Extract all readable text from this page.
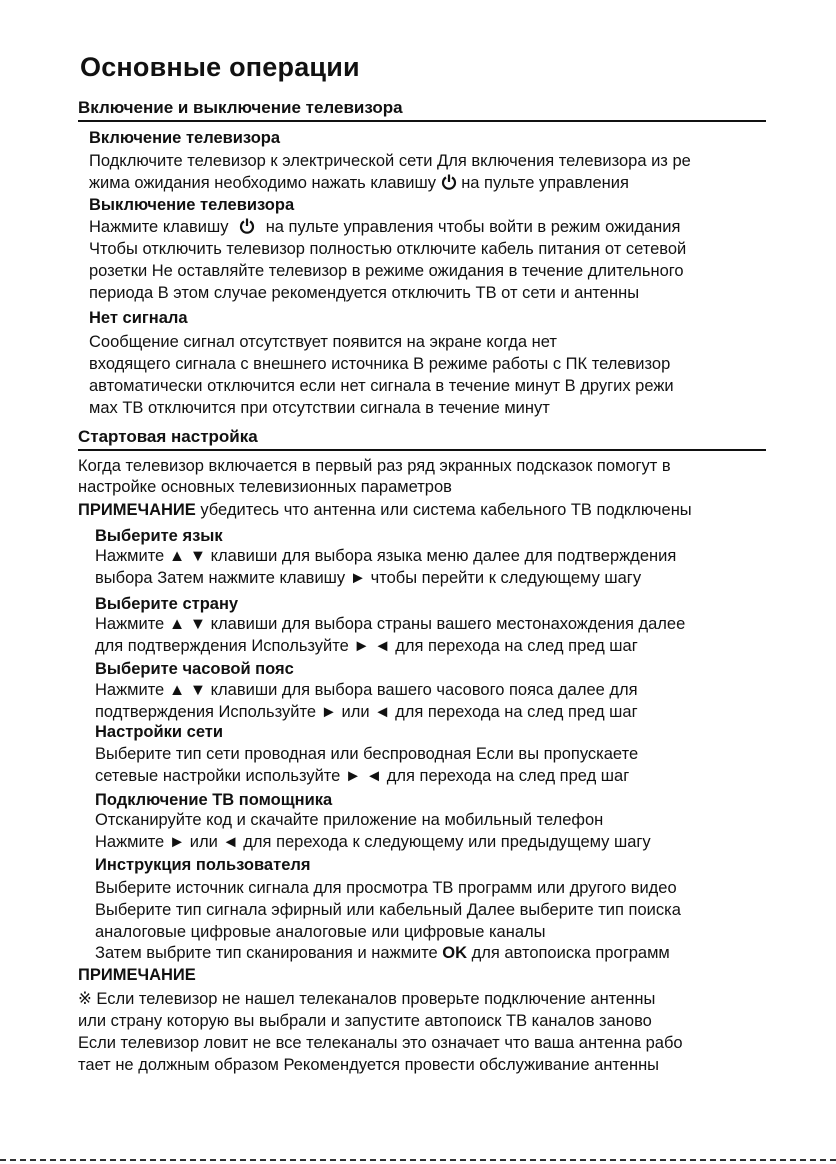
Основные операции
Включение и выключение телевизора
Включение телевизора
Подключите телевизор к электрической сети Для включения телевизора из ре
жима ожидания необходимо нажать клавишу  на пульте управления
Выключение телевизора
Нажмите клавишу  на пульте управления чтобы войти в режим ожидания
Чтобы отключить телевизор полностью отключите кабель питания от сетевой
розетки Не оставляйте телевизор в режиме ожидания в течение длительного
периода В этом случае рекомендуется отключить ТВ от сети и антенны
Нет сигнала
Сообщение сигнал отсутствует появится на экране когда нет
входящего сигнала с внешнего источника В режиме работы с ПК телевизор
автоматически отключится если нет сигнала в течение минут В других режи
мах ТВ отключится при отсутствии сигнала в течение минут
Стартовая настройка
Когда телевизор включается в первый раз ряд экранных подсказок помогут в
настройке основных телевизионных параметров
ПРИМЕЧАНИЕ убедитесь что антенна или система кабельного ТВ подключены
Выберите язык
Нажмите ▲ ▼ клавиши для выбора языка меню далее для подтверждения
выбора Затем нажмите клавишу ► чтобы перейти к следующему шагу
Выберите страну
Нажмите ▲ ▼ клавиши для выбора страны вашего местонахождения далее
для подтверждения Используйте ► ◄ для перехода на след пред шаг
Выберите часовой пояс
Нажмите ▲ ▼ клавиши для выбора вашего часового пояса далее для
подтверждения Используйте ► или ◄ для перехода на след пред шаг
Настройки сети
Выберите тип сети проводная или беспроводная Если вы пропускаете
сетевые настройки используйте ► ◄ для перехода на след пред шаг
Подключение ТВ помощника
Отсканируйте код и скачайте приложение на мобильный телефон
Нажмите ► или ◄ для перехода к следующему или предыдущему шагу
Инструкция пользователя
Выберите источник сигнала для просмотра ТВ программ или другого видео
Выберите тип сигнала эфирный или кабельный Далее выберите тип поиска
аналоговые цифровые аналоговые или цифровые каналы
Затем выбрите тип сканирования и нажмите OK для автопоиска программ
ПРИМЕЧАНИЕ
※ Если телевизор не нашел телеканалов проверьте подключение антенны
или страну которую вы выбрали и запустите автопоиск ТВ каналов заново
Если телевизор ловит не все телеканалы это означает что ваша антенна рабо
тает не должным образом Рекомендуется провести обслуживание антенны
